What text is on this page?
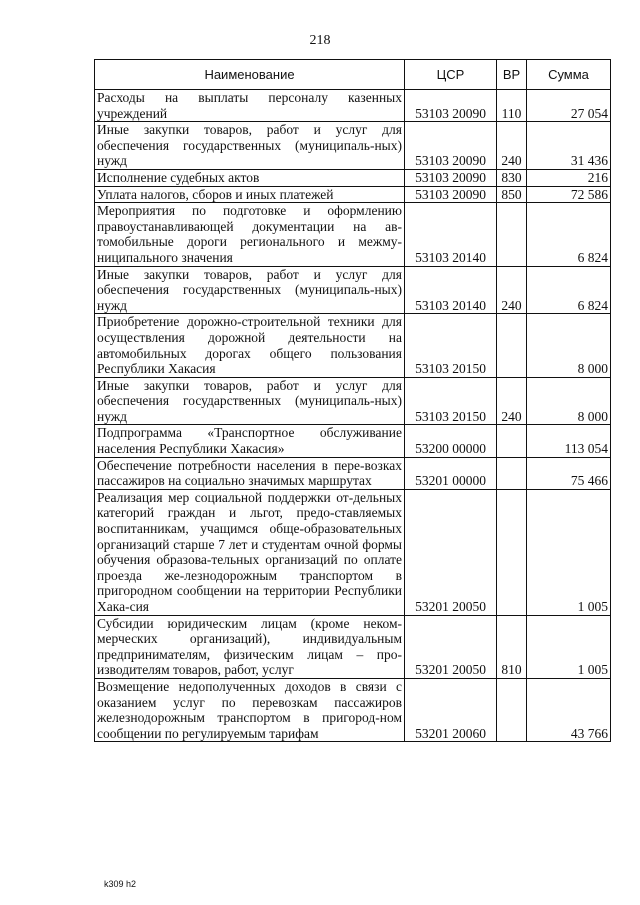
218
Наименование	ЦСР	ВР	Сумма
Расходы на выплаты персоналу казенных учреждений	53103 20090	110	27 054
Иные закупки товаров, работ и услуг для обеспечения государственных (муниципаль-ных) нужд	53103 20090	240	31 436
Исполнение судебных актов	53103 20090	830	216
Уплата налогов, сборов и иных платежей	53103 20090	850	72 586
Мероприятия по подготовке и оформлению правоустанавливающей документации на ав-томобильные дороги регионального и межму-ниципального значения	53103 20140		6 824
Иные закупки товаров, работ и услуг для обеспечения государственных (муниципаль-ных) нужд	53103 20140	240	6 824
Приобретение дорожно-строительной техники для осуществления дорожной деятельности на автомобильных дорогах общего пользования Республики Хакасия	53103 20150		8 000
Иные закупки товаров, работ и услуг для обеспечения государственных (муниципаль-ных) нужд	53103 20150	240	8 000
Подпрограмма «Транспортное обслуживание населения Республики Хакасия»	53200 00000		113 054
Обеспечение потребности населения в пере-возках пассажиров на социально значимых маршрутах	53201 00000		75 466
Реализация мер социальной поддержки от-дельных категорий граждан и льгот, предо-ставляемых воспитанникам, учащимся обще-образовательных организаций старше 7 лет и студентам очной формы обучения образова-тельных организаций по оплате проезда же-лезнодорожным транспортом в пригородном сообщении на территории Республики Хака-сия	53201 20050		1 005
Субсидии юридическим лицам (кроме неком-мерческих организаций), индивидуальным предпринимателям, физическим лицам – про-изводителям товаров, работ, услуг	53201 20050	810	1 005
Возмещение недополученных доходов в связи с оказанием услуг по перевозкам пассажиров железнодорожным транспортом в пригород-ном сообщении по регулируемым тарифам	53201 20060		43 766
k309 h2
